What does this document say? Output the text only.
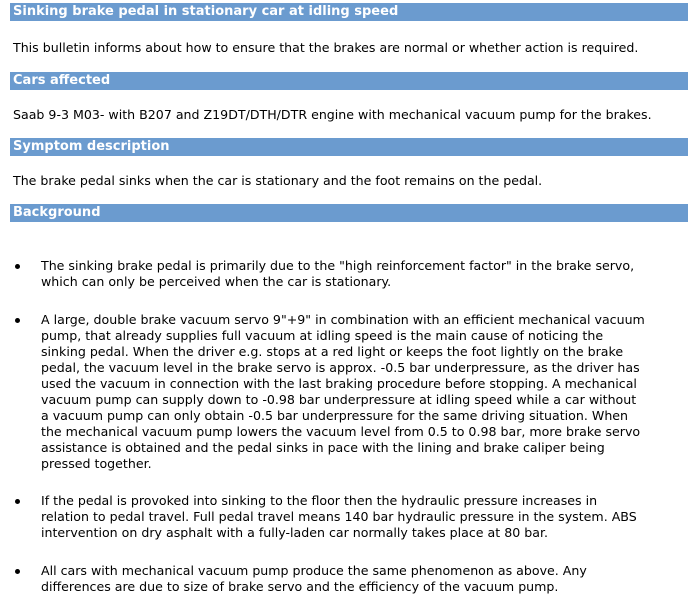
Sinking brake pedal in stationary car at idling speed
This bulletin informs about how to ensure that the brakes are normal or whether action is required.
Cars affected
Saab 9-3 M03- with B207 and Z19DT/DTH/DTR engine with mechanical vacuum pump for the brakes.
Symptom description
The brake pedal sinks when the car is stationary and the foot remains on the pedal.
Background
The sinking brake pedal is primarily due to the "high reinforcement factor" in the brake servo,
which can only be perceived when the car is stationary.
A large, double brake vacuum servo 9"+9" in combination with an efficient mechanical vacuum
pump, that already supplies full vacuum at idling speed is the main cause of noticing the
sinking pedal. When the driver e.g. stops at a red light or keeps the foot lightly on the brake
pedal, the vacuum level in the brake servo is approx. -0.5 bar underpressure, as the driver has
used the vacuum in connection with the last braking procedure before stopping. A mechanical
vacuum pump can supply down to -0.98 bar underpressure at idling speed while a car without
a vacuum pump can only obtain -0.5 bar underpressure for the same driving situation. When
the mechanical vacuum pump lowers the vacuum level from 0.5 to 0.98 bar, more brake servo
assistance is obtained and the pedal sinks in pace with the lining and brake caliper being
pressed together.
If the pedal is provoked into sinking to the floor then the hydraulic pressure increases in
relation to pedal travel. Full pedal travel means 140 bar hydraulic pressure in the system. ABS
intervention on dry asphalt with a fully-laden car normally takes place at 80 bar.
All cars with mechanical vacuum pump produce the same phenomenon as above. Any
differences are due to size of brake servo and the efficiency of the vacuum pump.
